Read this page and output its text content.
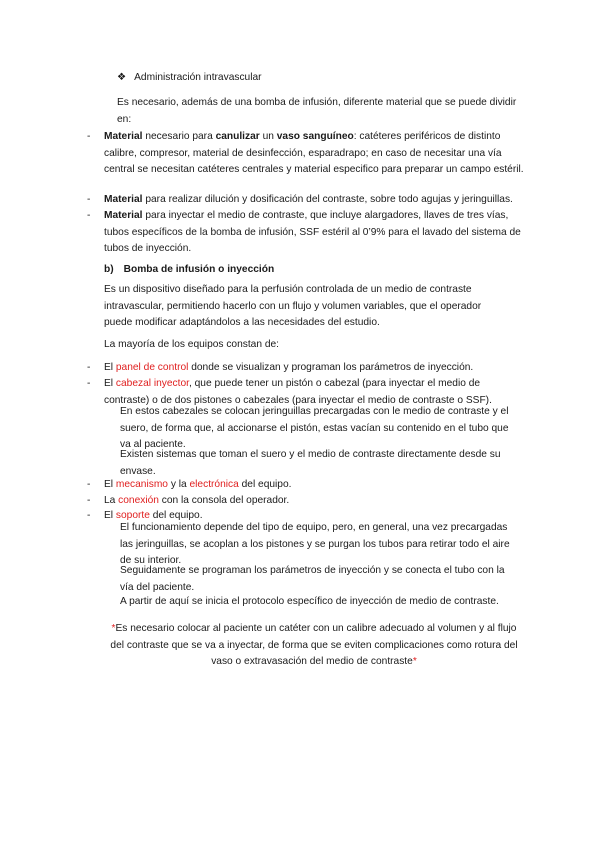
❖ Administración intravascular

Es necesario, además de una bomba de infusión, diferente material que se puede dividir en:

- Material necesario para canulizar un vaso sanguíneo: catéteres periféricos de distinto calibre, compresor, material de desinfección, esparadrapo; en caso de necesitar una vía central se necesitan catéteres centrales y material especifico para preparar un campo estéril.

- Material para realizar dilución y dosificación del contraste, sobre todo agujas y jeringuillas.

- Material para inyectar el medio de contraste, que incluye alargadores, llaves de tres vías, tubos específicos de la bomba de infusión, SSF estéril al 0’9% para el lavado del sistema de tubos de inyección.

b) Bomba de infusión o inyección

Es un dispositivo diseñado para la perfusión controlada de un medio de contraste intravascular, permitiendo hacerlo con un flujo y volumen variables, que el operador puede modificar adaptándolos a las necesidades del estudio.

La mayoría de los equipos constan de:

- El panel de control donde se visualizan y programan los parámetros de inyección.

- El cabezal inyector, que puede tener un pistón o cabezal (para inyectar el medio de contraste) o de dos pistones o cabezales (para inyectar el medio de contraste o SSF).

En estos cabezales se colocan jeringuillas precargadas con le medio de contraste y el suero, de forma que, al accionarse el pistón, estas vacían su contenido en el tubo que va al paciente.

Existen sistemas que toman el suero y el medio de contraste directamente desde su envase.

- El mecanismo y la electrónica del equipo.

- La conexión con la consola del operador.

- El soporte del equipo.

El funcionamiento depende del tipo de equipo, pero, en general, una vez precargadas las jeringuillas, se acoplan a los pistones y se purgan los tubos para retirar todo el aire de su interior.

Seguidamente se programan los parámetros de inyección y se conecta el tubo con la vía del paciente.

A partir de aquí se inicia el protocolo específico de inyección de medio de contraste.

*Es necesario colocar al paciente un catéter con un calibre adecuado al volumen y al flujo del contraste que se va a inyectar, de forma que se eviten complicaciones como rotura del vaso o extravasación del medio de contraste*
